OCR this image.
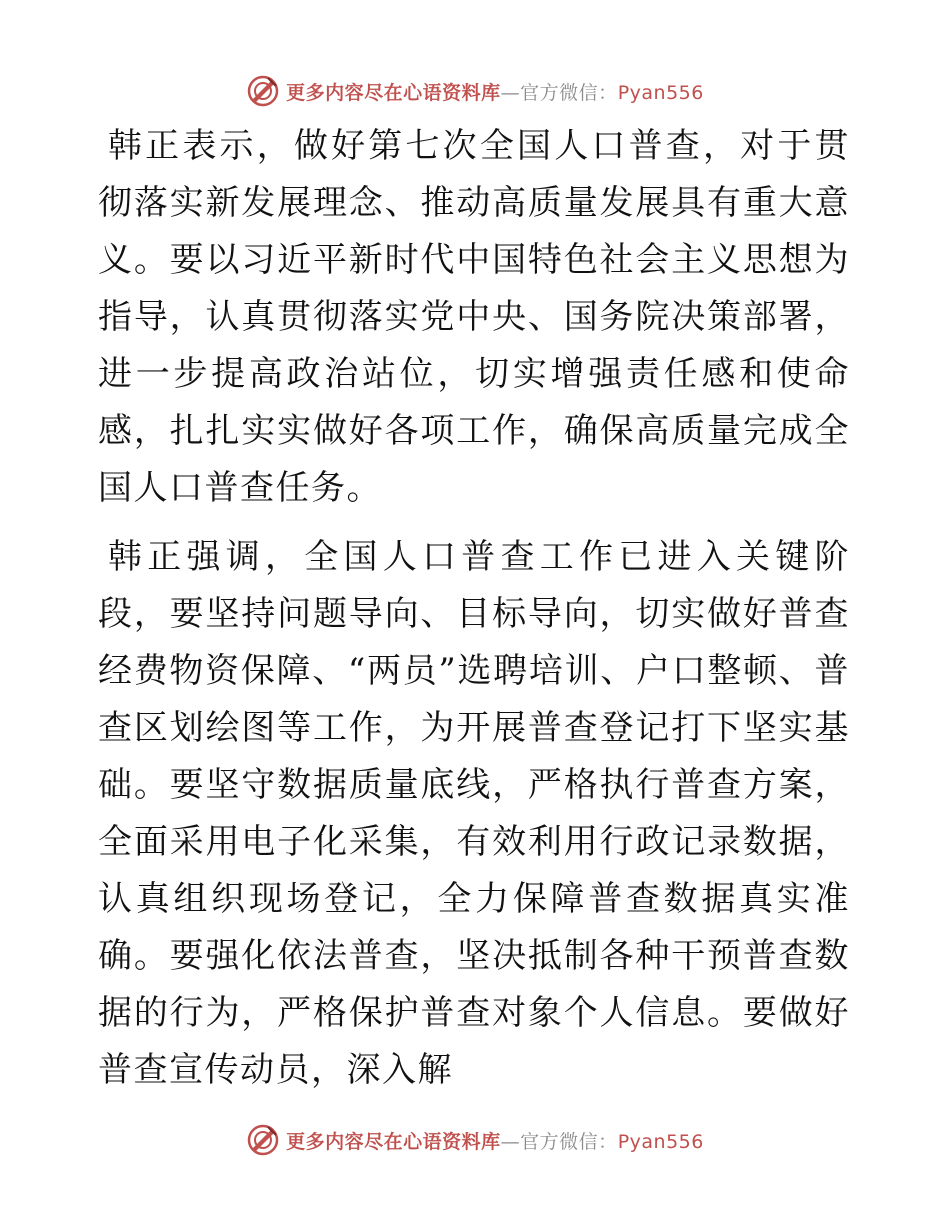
更多内容尽在心语资料库—官方微信：Pyan556

韩正表示，做好第七次全国人口普查，对于贯彻落实新发展理念、推动高质量发展具有重大意义。要以习近平新时代中国特色社会主义思想为指导，认真贯彻落实党中央、国务院决策部署，进一步提高政治站位，切实增强责任感和使命感，扎扎实实做好各项工作，确保高质量完成全国人口普查任务。

韩正强调，全国人口普查工作已进入关键阶段，要坚持问题导向、目标导向，切实做好普查经费物资保障、“两员”选聘培训、户口整顿、普查区划绘图等工作，为开展普查登记打下坚实基础。要坚守数据质量底线，严格执行普查方案，全面采用电子化采集，有效利用行政记录数据，认真组织现场登记，全力保障普查数据真实准确。要强化依法普查，坚决抵制各种干预普查数据的行为，严格保护普查对象个人信息。要做好普查宣传动员，深入解

更多内容尽在心语资料库—官方微信：Pyan556
